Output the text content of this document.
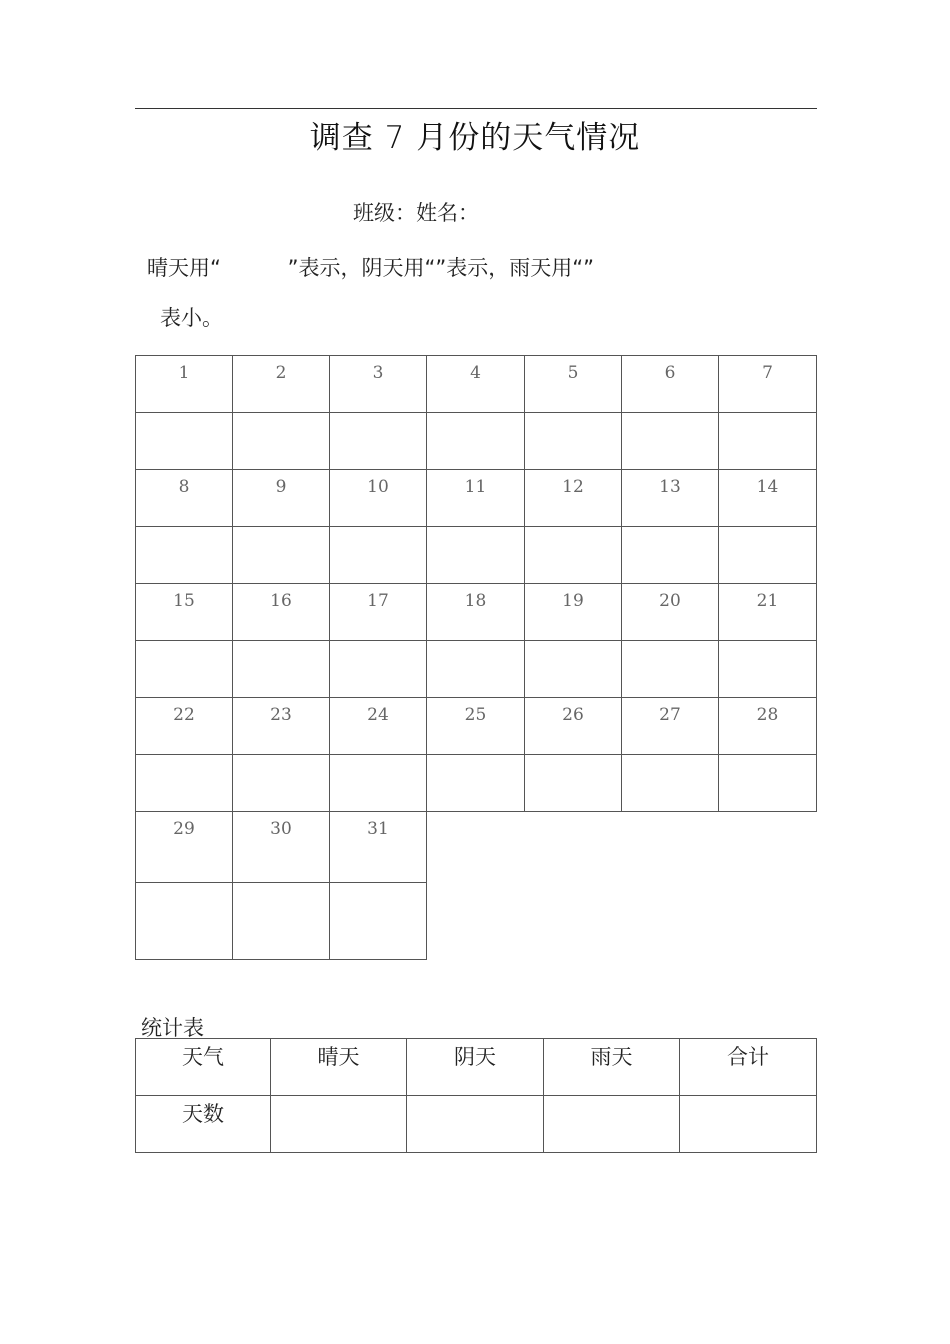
调查 7 月份的天气情况
班级：姓名：
晴天用“          ”表示，阴天用“”表示，雨天用“”
表小。
1	2	3	4	5	6	7

8	9	10	11	12	13	14

15	16	17	18	19	20	21

22	23	24	25	26	27	28

29	30	31				

统计表
天气	晴天	阴天	雨天	合计
天数				
